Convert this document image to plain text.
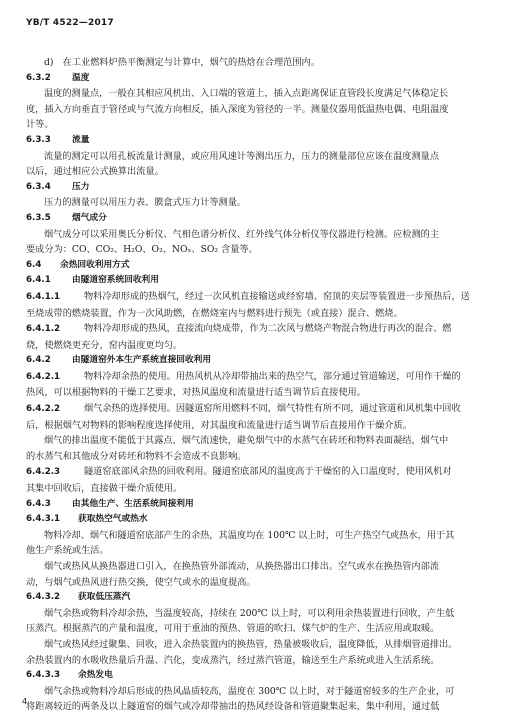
YB/T 4522—2017
d)　在工业燃料炉热平衡测定与计算中，烟气的热焓在合理范围内。
6.3.2 温度
温度的测量点，一般在其相应风机出、入口端的管道上，插入点距离保证直管段长度满足气体稳定长
度，插入方向垂直于管径或与气流方向相反，插入深度为管径的一半。测量仪器用低温热电偶、电阻温度
计等。
6.3.3 流量
流量的测定可以用孔板流量计测量，或应用风速计等测出压力，压力的测量部位应该在温度测量点
以后，通过相应公式换算出流量。
6.3.4 压力
压力的测量可以用压力表、膜盒式压力计等测量。
6.3.5 烟气成分
烟气成分可以采用奥氏分析仪、气相色谱分析仪、红外线气体分析仪等仪器进行检测。应检测的主
要成分为：CO、CO₂、H₂O、O₂、NOₓ、SO₂ 含量等。
6.4 余热回收利用方式
6.4.1 由隧道窑系统回收利用
6.4.1.1	物料冷却形成的热烟气，经过一次风机直接输送或经窑墙、窑顶的夹层等装置进一步预热后，送
至烧成带的燃烧装置，作为一次风助燃，在燃烧室内与燃料进行预先（或直接）混合、燃烧。
6.4.1.2	物料冷却形成的热风，直接流向烧成带，作为二次风与燃烧产物混合物进行再次的混合、燃
烧，使燃烧更充分，窑内温度更均匀。
6.4.2 由隧道窑外本生产系统直接回收利用
6.4.2.1	物料冷却余热的使用。用热风机从冷却带抽出来的热空气，部分通过管道输送，可用作干燥的
热风，可以根据物料的干燥工艺要求，对热风温度和流量进行适当调节后直接使用。
6.4.2.2	烟气余热的选择使用。因隧道窑所用燃料不同，烟气特性有所不同，通过管道和风机集中回收
后，根据烟气对物料的影响程度选择使用，对其温度和流量进行适当调节后直接用作干燥介质。
烟气的排出温度不能低于其露点，烟气流速快，避免烟气中的水蒸气在砖坯和物料表面凝结，烟气中
的水蒸气和其他成分对砖坯和物料不会造成不良影响。
6.4.2.3	隧道窑底部风余热的回收利用。隧道窑底部风的温度高于干燥窑的入口温度时，使用风机对
其集中回收后，直接做干燥介质使用。
6.4.3 由其他生产、生活系统间接利用
6.4.3.1 获取热空气或热水
物料冷却、烟气和隧道窑底部产生的余热，其温度均在 100℃ 以上时，可生产热空气或热水，用于其
他生产系统或生活。
烟气或热风从换热器进口引入，在换热管外部流动，从换热器出口排出。空气或水在换热管内部流
动，与烟气或热风进行热交换，使空气或水的温度提高。
6.4.3.2 获取低压蒸汽
烟气余热或物料冷却余热，当温度较高，持续在 200℃ 以上时，可以利用余热装置进行回收，产生低
压蒸汽。根据蒸汽的产量和温度，可用于重油的预热、管道的吹扫、煤气炉的生产、生活应用或取暖。
烟气或热风经过聚集、回收，进入余热装置内的换热管，热量被吸收后，温度降低，从排烟管道排出。
余热装置内的水吸收热量后升温、汽化，变成蒸汽，经过蒸汽管道，输送至生产系统或进入生活系统。
6.4.3.3 余热发电
烟气余热或物料冷却后形成的热风晶质较高，温度在 300℃ 以上时，对于隧道窑较多的生产企业，可
将距离较近的两条及以上隧道窑的烟气或冷却带抽出的热风经设备和管道聚集起来，集中利用，通过低
4
